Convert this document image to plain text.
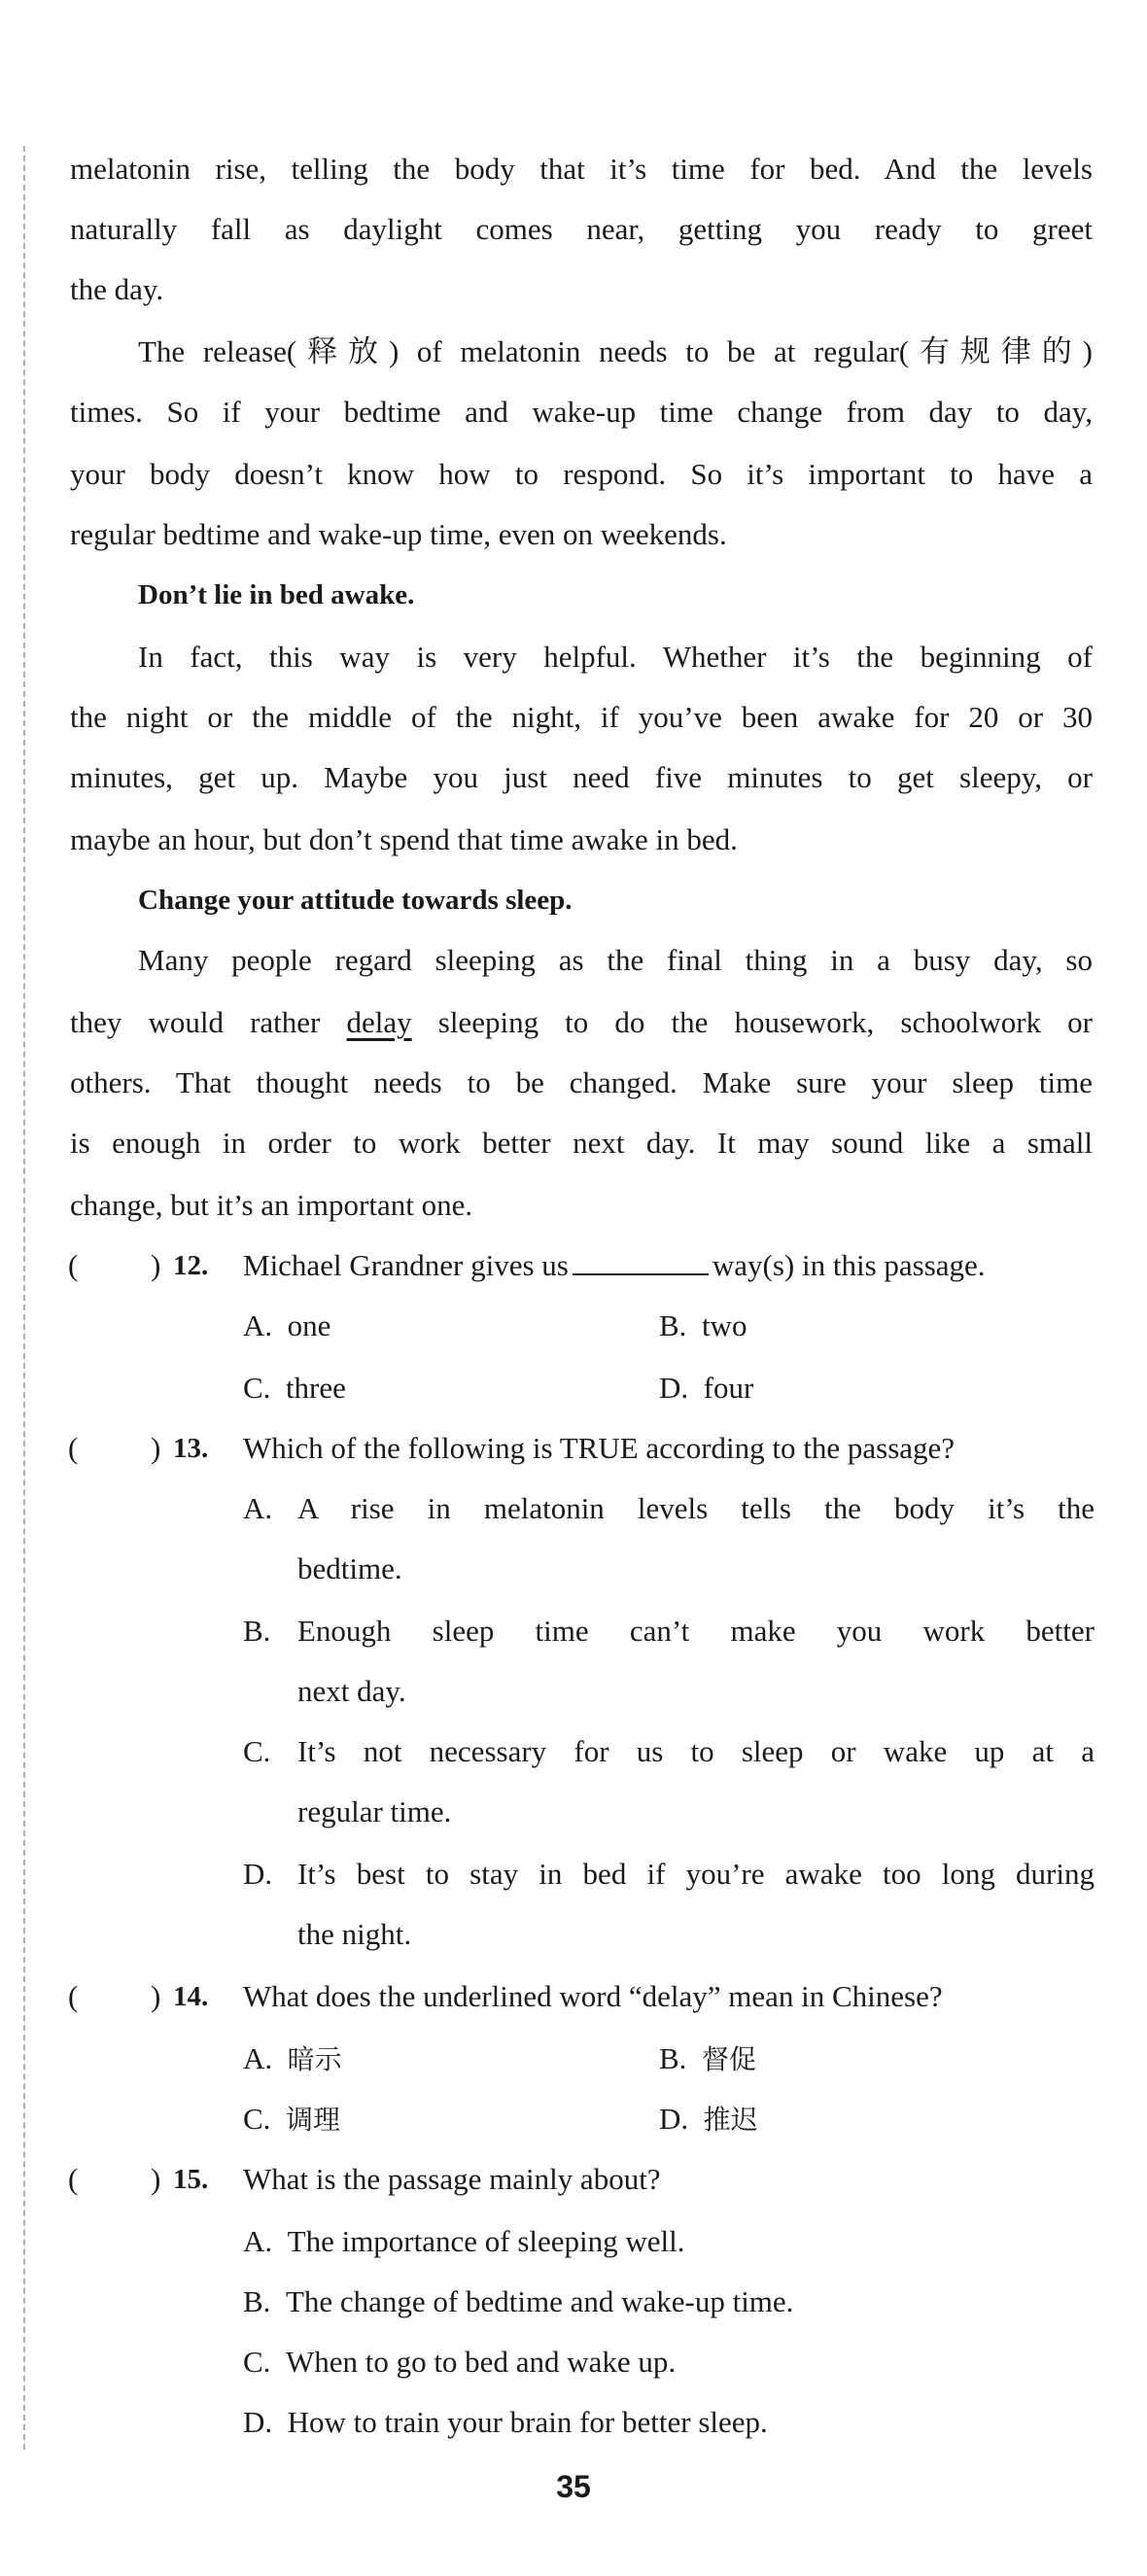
melatonin rise, telling the body that it’s time for bed. And the levels
naturally fall as daylight comes near, getting you ready to greet
the day.
The release(释放) of melatonin needs to be at regular(有规律的)
times. So if your bedtime and wake-up time change from day to day,
your body doesn’t know how to respond. So it’s important to have a
regular bedtime and wake-up time, even on weekends.
Don’t lie in bed awake.
In fact, this way is very helpful. Whether it’s the beginning of
the night or the middle of the night, if you’ve been awake for 20 or 30
minutes, get up. Maybe you just need five minutes to get sleepy, or
maybe an hour, but don’t spend that time awake in bed.
Change your attitude towards sleep.
Many people regard sleeping as the final thing in a busy day, so
they would rather delay sleeping to do the housework, schoolwork or
others. That thought needs to be changed. Make sure your sleep time
is enough in order to work better next day. It may sound like a small
change, but it’s an important one.
( ) 12. Michael Grandner gives us	way(s) in this passage.
A. one	B. two
C. three	D. four
( ) 13. Which of the following is TRUE according to the passage?
A. A rise in melatonin levels tells the body it’s the
bedtime.
B. Enough sleep time can’t make you work better
next day.
C. It’s not necessary for us to sleep or wake up at a
regular time.
D. It’s best to stay in bed if you’re awake too long during
the night.
( ) 14. What does the underlined word “delay” mean in Chinese?
A. 暗示	B. 督促
C. 调理	D. 推迟
( ) 15. What is the passage mainly about?
A. The importance of sleeping well.
B. The change of bedtime and wake-up time.
C. When to go to bed and wake up.
D. How to train your brain for better sleep.
35
